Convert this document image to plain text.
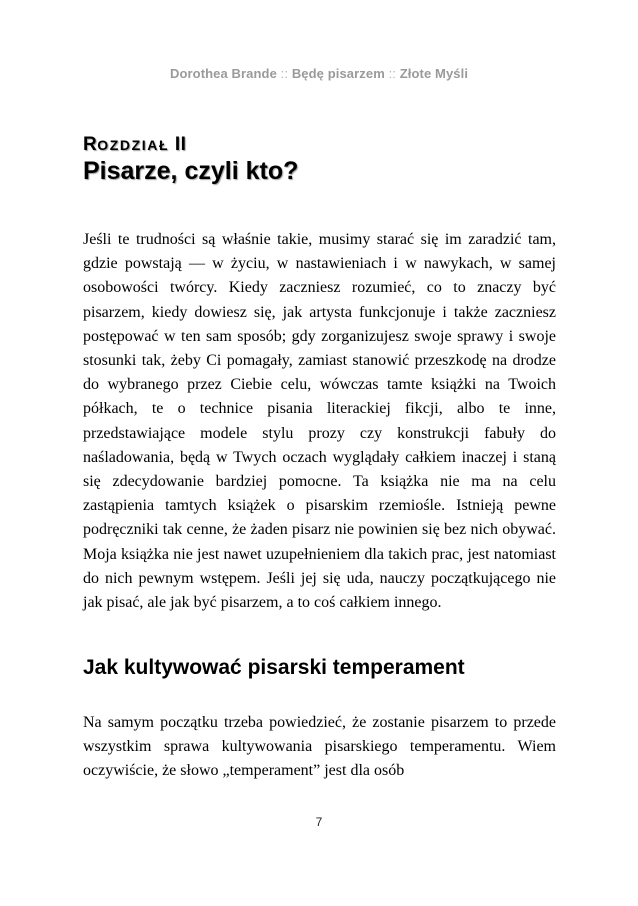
Dorothea Brande :: Będę pisarzem :: Złote Myśli
ROZDZIAŁ II
Pisarze, czyli kto?

Jeśli te trudności są właśnie takie, musimy starać się im zaradzić tam, gdzie powstają — w życiu, w nastawieniach i w nawykach, w samej osobowości twórcy. Kiedy zaczniesz rozumieć, co to znaczy być pisarzem, kiedy dowiesz się, jak artysta funkcjonuje i także zaczniesz postępować w ten sam sposób; gdy zorganizujesz swoje sprawy i swoje stosunki tak, żeby Ci pomagały, zamiast stanowić przeszkodę na drodze do wybranego przez Ciebie celu, wówczas tamte książki na Twoich półkach, te o technice pisania literackiej fikcji, albo te inne, przedstawiające modele stylu prozy czy konstrukcji fabuły do naśladowania, będą w Twych oczach wyglądały całkiem inaczej i staną się zdecydowanie bardziej pomocne. Ta książka nie ma na celu zastąpienia tamtych książek o pisarskim rzemiośle. Istnieją pewne podręczniki tak cenne, że żaden pisarz nie powinien się bez nich obywać. Moja książka nie jest nawet uzupełnieniem dla takich prac, jest natomiast do nich pewnym wstępem. Jeśli jej się uda, nauczy początkującego nie jak pisać, ale jak być pisarzem, a to coś całkiem innego.

Jak kultywować pisarski temperament

Na samym początku trzeba powiedzieć, że zostanie pisarzem to przede wszystkim sprawa kultywowania pisarskiego temperamentu. Wiem oczywiście, że słowo „temperament” jest dla osób

7
